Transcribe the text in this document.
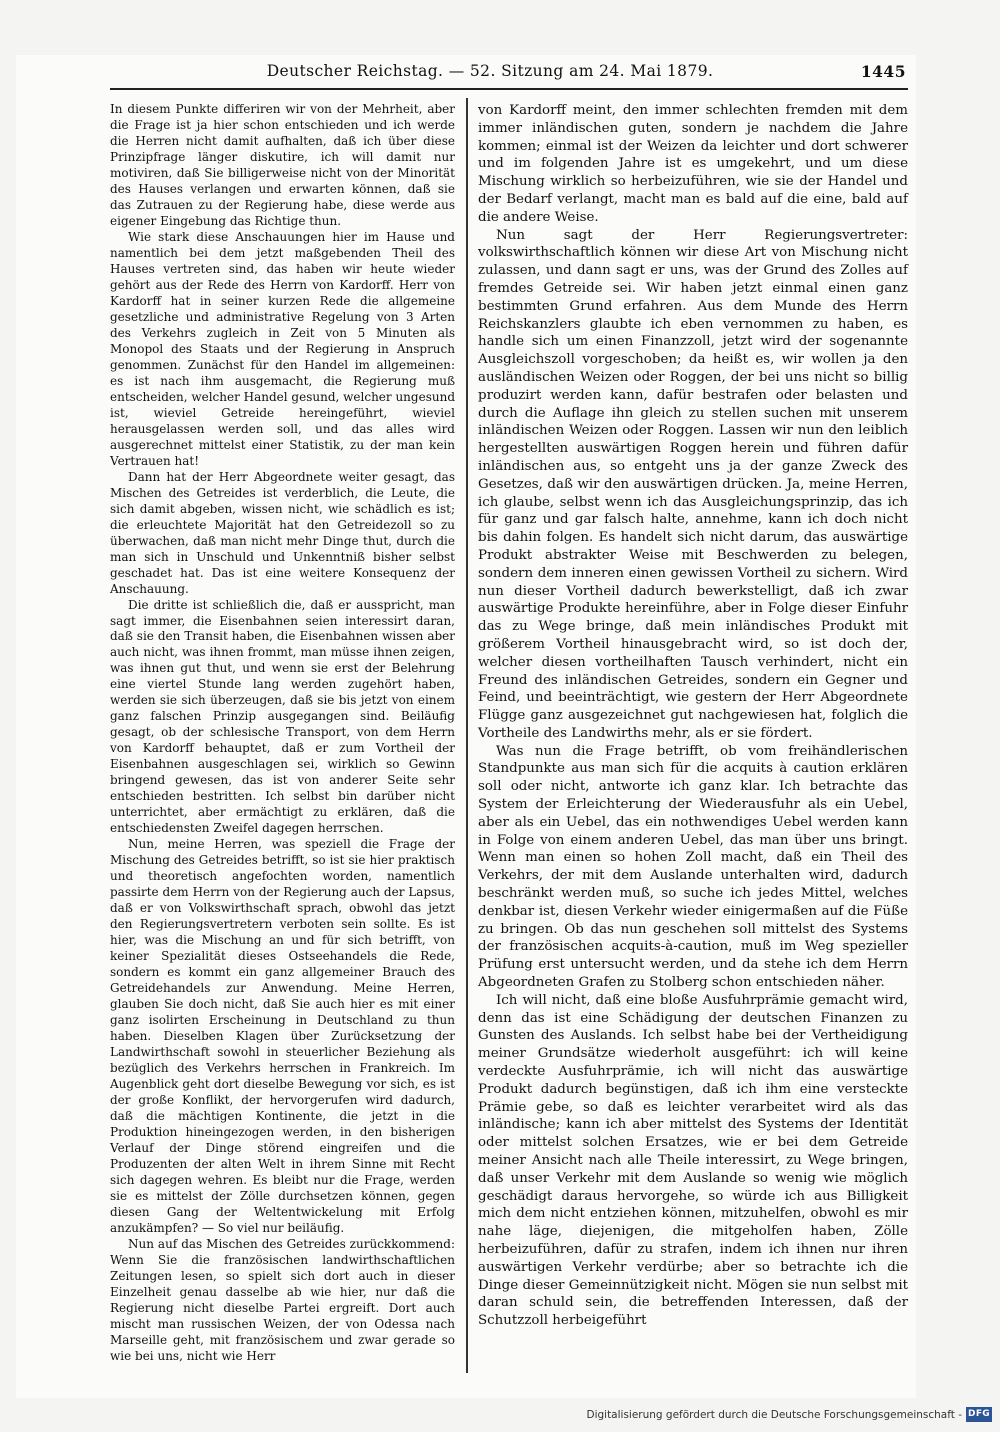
Deutscher Reichstag. — 52. Sitzung am 24. Mai 1879.	1445

In diesem Punkte differiren wir von der Mehrheit, aber die Frage ist ja hier schon entschieden und ich werde die Herren nicht damit aufhalten, daß ich über diese Prinzipfrage länger diskutire, ich will damit nur motiviren, daß Sie billigerweise nicht von der Minorität des Hauses verlangen und erwarten können, daß sie das Zutrauen zu der Regierung habe, diese werde aus eigener Eingebung das Richtige thun.

Wie stark diese Anschauungen hier im Hause und namentlich bei dem jetzt maßgebenden Theil des Hauses vertreten sind, das haben wir heute wieder gehört aus der Rede des Herrn von Kardorff. Herr von Kardorff hat in seiner kurzen Rede die allgemeine gesetzliche und administrative Regelung von 3 Arten des Verkehrs zugleich in Zeit von 5 Minuten als Monopol des Staats und der Regierung in Anspruch genommen. Zunächst für den Handel im allgemeinen: es ist nach ihm ausgemacht, die Regierung muß entscheiden, welcher Handel gesund, welcher ungesund ist, wieviel Getreide hereingeführt, wieviel herausgelassen werden soll, und das alles wird ausgerechnet mittelst einer Statistik, zu der man kein Vertrauen hat!

Dann hat der Herr Abgeordnete weiter gesagt, das Mischen des Getreides ist verderblich, die Leute, die sich damit abgeben, wissen nicht, wie schädlich es ist; die erleuchtete Majorität hat den Getreidezoll so zu überwachen, daß man nicht mehr Dinge thut, durch die man sich in Unschuld und Unkenntniß bisher selbst geschadet hat. Das ist eine weitere Konsequenz der Anschauung.

Die dritte ist schließlich die, daß er ausspricht, man sagt immer, die Eisenbahnen seien interessirt daran, daß sie den Transit haben, die Eisenbahnen wissen aber auch nicht, was ihnen frommt, man müsse ihnen zeigen, was ihnen gut thut, und wenn sie erst der Belehrung eine viertel Stunde lang werden zugehört haben, werden sie sich überzeugen, daß sie bis jetzt von einem ganz falschen Prinzip ausgegangen sind. Beiläufig gesagt, ob der schlesische Transport, von dem Herrn von Kardorff behauptet, daß er zum Vortheil der Eisenbahnen ausgeschlagen sei, wirklich so Gewinn bringend gewesen, das ist von anderer Seite sehr entschieden bestritten. Ich selbst bin darüber nicht unterrichtet, aber ermächtigt zu erklären, daß die entschiedensten Zweifel dagegen herrschen.

Nun, meine Herren, was speziell die Frage der Mischung des Getreides betrifft, so ist sie hier praktisch und theoretisch angefochten worden, namentlich passirte dem Herrn von der Regierung auch der Lapsus, daß er von Volkswirthschaft sprach, obwohl das jetzt den Regierungsvertretern verboten sein sollte. Es ist hier, was die Mischung an und für sich betrifft, von keiner Spezialität dieses Ostseehandels die Rede, sondern es kommt ein ganz allgemeiner Brauch des Getreidehandels zur Anwendung. Meine Herren, glauben Sie doch nicht, daß Sie auch hier es mit einer ganz isolirten Erscheinung in Deutschland zu thun haben. Dieselben Klagen über Zurücksetzung der Landwirthschaft sowohl in steuerlicher Beziehung als bezüglich des Verkehrs herrschen in Frankreich. Im Augenblick geht dort dieselbe Bewegung vor sich, es ist der große Konflikt, der hervorgerufen wird dadurch, daß die mächtigen Kontinente, die jetzt in die Produktion hineingezogen werden, in den bisherigen Verlauf der Dinge störend eingreifen und die Produzenten der alten Welt in ihrem Sinne mit Recht sich dagegen wehren. Es bleibt nur die Frage, werden sie es mittelst der Zölle durchsetzen können, gegen diesen Gang der Weltentwickelung mit Erfolg anzukämpfen? — So viel nur beiläufig.

Nun auf das Mischen des Getreides zurückkommend: Wenn Sie die französischen landwirthschaftlichen Zeitungen lesen, so spielt sich dort auch in dieser Einzelheit genau dasselbe ab wie hier, nur daß die Regierung nicht dieselbe Partei ergreift. Dort auch mischt man russischen Weizen, der von Odessa nach Marseille geht, mit französischem und zwar gerade so wie bei uns, nicht wie Herr

von Kardorff meint, den immer schlechten fremden mit dem immer inländischen guten, sondern je nachdem die Jahre kommen; einmal ist der Weizen da leichter und dort schwerer und im folgenden Jahre ist es umgekehrt, und um diese Mischung wirklich so herbeizuführen, wie sie der Handel und der Bedarf verlangt, macht man es bald auf die eine, bald auf die andere Weise.

Nun sagt der Herr Regierungsvertreter: volkswirthschaftlich können wir diese Art von Mischung nicht zulassen, und dann sagt er uns, was der Grund des Zolles auf fremdes Getreide sei. Wir haben jetzt einmal einen ganz bestimmten Grund erfahren. Aus dem Munde des Herrn Reichskanzlers glaubte ich eben vernommen zu haben, es handle sich um einen Finanzzoll, jetzt wird der sogenannte Ausgleichszoll vorgeschoben; da heißt es, wir wollen ja den ausländischen Weizen oder Roggen, der bei uns nicht so billig produzirt werden kann, dafür bestrafen oder belasten und durch die Auflage ihn gleich zu stellen suchen mit unserem inländischen Weizen oder Roggen. Lassen wir nun den leiblich hergestellten auswärtigen Roggen herein und führen dafür inländischen aus, so entgeht uns ja der ganze Zweck des Gesetzes, daß wir den auswärtigen drücken. Ja, meine Herren, ich glaube, selbst wenn ich das Ausgleichungsprinzip, das ich für ganz und gar falsch halte, annehme, kann ich doch nicht bis dahin folgen. Es handelt sich nicht darum, das auswärtige Produkt abstrakter Weise mit Beschwerden zu belegen, sondern dem inneren einen gewissen Vortheil zu sichern. Wird nun dieser Vortheil dadurch bewerkstelligt, daß ich zwar auswärtige Produkte hereinführe, aber in Folge dieser Einfuhr das zu Wege bringe, daß mein inländisches Produkt mit größerem Vortheil hinausgebracht wird, so ist doch der, welcher diesen vortheilhaften Tausch verhindert, nicht ein Freund des inländischen Getreides, sondern ein Gegner und Feind, und beeinträchtigt, wie gestern der Herr Abgeordnete Flügge ganz ausgezeichnet gut nachgewiesen hat, folglich die Vortheile des Landwirths mehr, als er sie fördert.

Was nun die Frage betrifft, ob vom freihändlerischen Standpunkte aus man sich für die acquits à caution erklären soll oder nicht, antworte ich ganz klar. Ich betrachte das System der Erleichterung der Wiederausfuhr als ein Uebel, aber als ein Uebel, das ein nothwendiges Uebel werden kann in Folge von einem anderen Uebel, das man über uns bringt. Wenn man einen so hohen Zoll macht, daß ein Theil des Verkehrs, der mit dem Auslande unterhalten wird, dadurch beschränkt werden muß, so suche ich jedes Mittel, welches denkbar ist, diesen Verkehr wieder einigermaßen auf die Füße zu bringen. Ob das nun geschehen soll mittelst des Systems der französischen acquits-à-caution, muß im Weg spezieller Prüfung erst untersucht werden, und da stehe ich dem Herrn Abgeordneten Grafen zu Stolberg schon entschieden näher.

Ich will nicht, daß eine bloße Ausfuhrprämie gemacht wird, denn das ist eine Schädigung der deutschen Finanzen zu Gunsten des Auslands. Ich selbst habe bei der Vertheidigung meiner Grundsätze wiederholt ausgeführt: ich will keine verdeckte Ausfuhrprämie, ich will nicht das auswärtige Produkt dadurch begünstigen, daß ich ihm eine versteckte Prämie gebe, so daß es leichter verarbeitet wird als das inländische; kann ich aber mittelst des Systems der Identität oder mittelst solchen Ersatzes, wie er bei dem Getreide meiner Ansicht nach alle Theile interessirt, zu Wege bringen, daß unser Verkehr mit dem Auslande so wenig wie möglich geschädigt daraus hervorgehe, so würde ich aus Billigkeit mich dem nicht entziehen können, mitzuhelfen, obwohl es mir nahe läge, diejenigen, die mitgeholfen haben, Zölle herbeizuführen, dafür zu strafen, indem ich ihnen nur ihren auswärtigen Verkehr verdürbe; aber so betrachte ich die Dinge dieser Gemeinnützigkeit nicht. Mögen sie nun selbst mit daran schuld sein, die betreffenden Interessen, daß der Schutzzoll herbeigeführt

Digitalisierung gefördert durch die Deutsche Forschungsgemeinschaft - DFG
